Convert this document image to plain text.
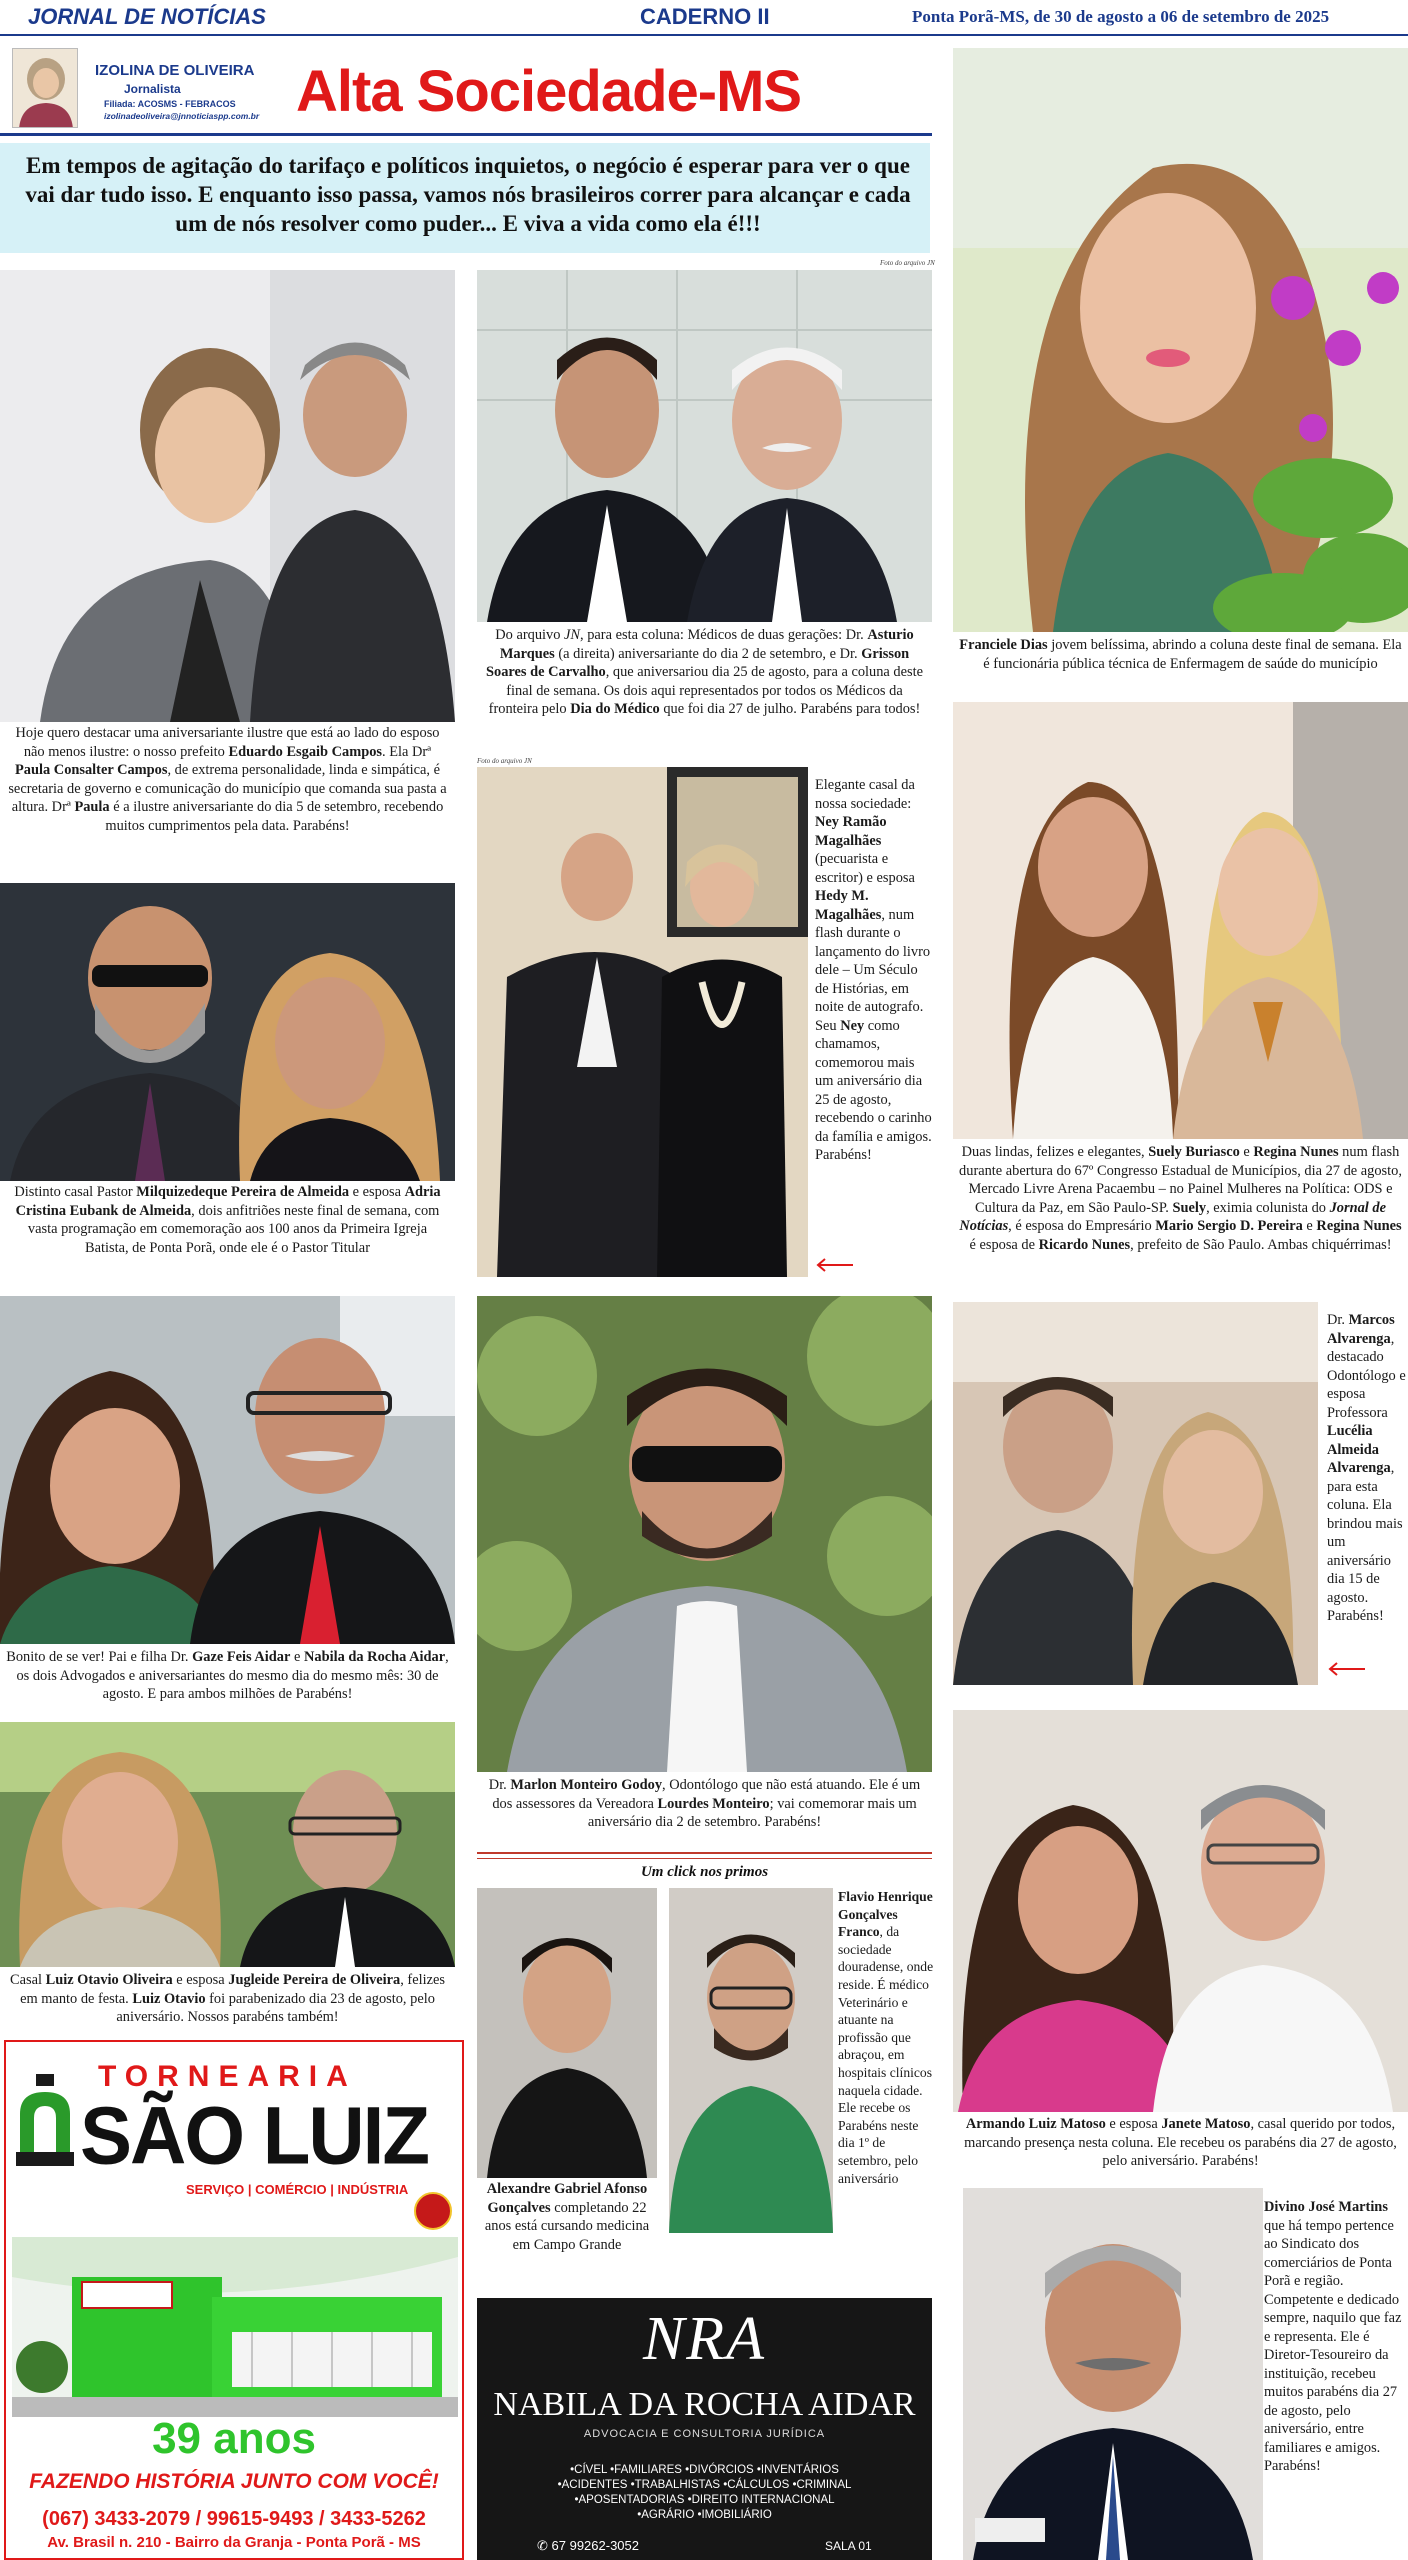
JORNAL DE NOTÍCIAS	CADERNO II	Ponta Porã-MS, de 30 de agosto a 06 de setembro de 2025
IZOLINA DE OLIVEIRA
Jornalista
Filiada: ACOSMS - FEBRACOS
izolinadeoliveira@jnnoticiaspp.com.br Alta Sociedade-MS
Em tempos de agitação do tarifaço e políticos inquietos, o negócio é esperar para ver o que vai dar tudo isso. E enquanto isso passa, vamos nós brasileiros correr para alcançar e cada um de nós resolver como puder... E viva a vida como ela é!!!
Foto do arquivo JN
Foto do arquivo JN
Hoje quero destacar uma aniversariante ilustre que está ao lado do esposo não menos ilustre: o nosso prefeito Eduardo Esgaib Campos. Ela Drª Paula Consalter Campos, de extrema personalidade, linda e simpática, é secretaria de governo e comunicação do município que comanda sua pasta a altura. Drª Paula é a ilustre aniversariante do dia 5 de setembro, recebendo muitos cumprimentos pela data. Parabéns!
Do arquivo JN, para esta coluna: Médicos de duas gerações: Dr. Asturio Marques (a direita) aniversariante do dia 2 de setembro, e Dr. Grisson Soares de Carvalho, que aniversariou dia 25 de agosto, para a coluna deste final de semana. Os dois aqui representados por todos os Médicos da fronteira pelo Dia do Médico que foi dia 27 de julho. Parabéns para todos!
Franciele Dias jovem belíssima, abrindo a coluna deste final de semana. Ela é funcionária pública técnica de Enfermagem de saúde do município
Elegante casal da nossa sociedade: Ney Ramão Magalhães (pecuarista e escritor) e esposa Hedy M. Magalhães, num flash durante o lançamento do livro dele – Um Século de Histórias, em noite de autografo. Seu Ney como chamamos, comemorou mais um aniversário dia 25 de agosto, recebendo o carinho da família e amigos. Parabéns!	Duas lindas, felizes e elegantes, Suely Buriasco e Regina Nunes num flash durante abertura do 67º Congresso Estadual de Municípios, dia 27 de agosto, Mercado Livre Arena Pacaembu – no Painel Mulheres na Política: ODS e Cultura da Paz, em São Paulo-SP. Suely, eximia colunista do Jornal de Notícias, é esposa do Empresário Mario Sergio D. Pereira e Regina Nunes é esposa de Ricardo Nunes, prefeito de São Paulo. Ambas chiquérrimas!
Distinto casal Pastor Milquizedeque Pereira de Almeida e esposa Adria Cristina Eubank de Almeida, dois anfitriões neste final de semana, com vasta programação em comemoração aos 100 anos da Primeira Igreja Batista, de Ponta Porã, onde ele é o Pastor Titular
Bonito de se ver! Pai e filha Dr. Gaze Feis Aidar e Nabila da Rocha Aidar, os dois Advogados e aniversariantes do mesmo dia do mesmo mês: 30 de agosto. E para ambos milhões de Parabéns!
Dr. Marlon Monteiro Godoy, Odontólogo que não está atuando. Ele é um dos assessores da Vereadora Lourdes Monteiro; vai comemorar mais um aniversário dia 2 de setembro. Parabéns!
Dr. Marcos Alvarenga, destacado Odontólogo e esposa Professora Lucélia Almeida Alvarenga, para esta coluna. Ela brindou mais um aniversário dia 15 de agosto. Parabéns!
Casal Luiz Otavio Oliveira e esposa Jugleide Pereira de Oliveira, felizes em manto de festa. Luiz Otavio foi parabenizado dia 23 de agosto, pelo aniversário. Nossos parabéns também!
Um click nos primos
Alexandre Gabriel Afonso Gonçalves completando 22 anos está cursando medicina em Campo Grande
Flavio Henrique Gonçalves Franco, da sociedade douradense, onde reside. É médico Veterinário e atuante na profissão que abraçou, em hospitais clínicos naquela cidade. Ele recebe os Parabéns neste dia 1º de setembro, pelo aniversário
Armando Luiz Matoso e esposa Janete Matoso, casal querido por todos, marcando presença nesta coluna. Ele recebeu os parabéns dia 27 de agosto, pelo aniversário. Parabéns!
Divino José Martins que há tempo pertence ao Sindicato dos comerciários de Ponta Porã e região. Competente e dedicado sempre, naquilo que faz e representa. Ele é Diretor-Tesoureiro da instituição, recebeu muitos parabéns dia 27 de agosto, pelo aniversário, entre familiares e amigos. Parabéns!
TORNEARIA
SÃO LUIZ
SERVIÇO | COMÉRCIO | INDÚSTRIA
39 anos
FAZENDO HISTÓRIA JUNTO COM VOCÊ!
(067) 3433-2079 / 99615-9493 / 3433-5262
Av. Brasil n. 210 - Bairro da Granja - Ponta Porã - MS
NRA
NABILA DA ROCHA AIDAR
ADVOCACIA E CONSULTORIA JURÍDICA
•CÍVEL •FAMILIARES •DIVÓRCIOS •INVENTÁRIOS
•ACIDENTES •TRABALHISTAS •CÁLCULOS •CRIMINAL
•APOSENTADORIAS •DIREITO INTERNACIONAL
•AGRÁRIO •IMOBILIÁRIO
✆ 67 99262-3052	SALA 01
